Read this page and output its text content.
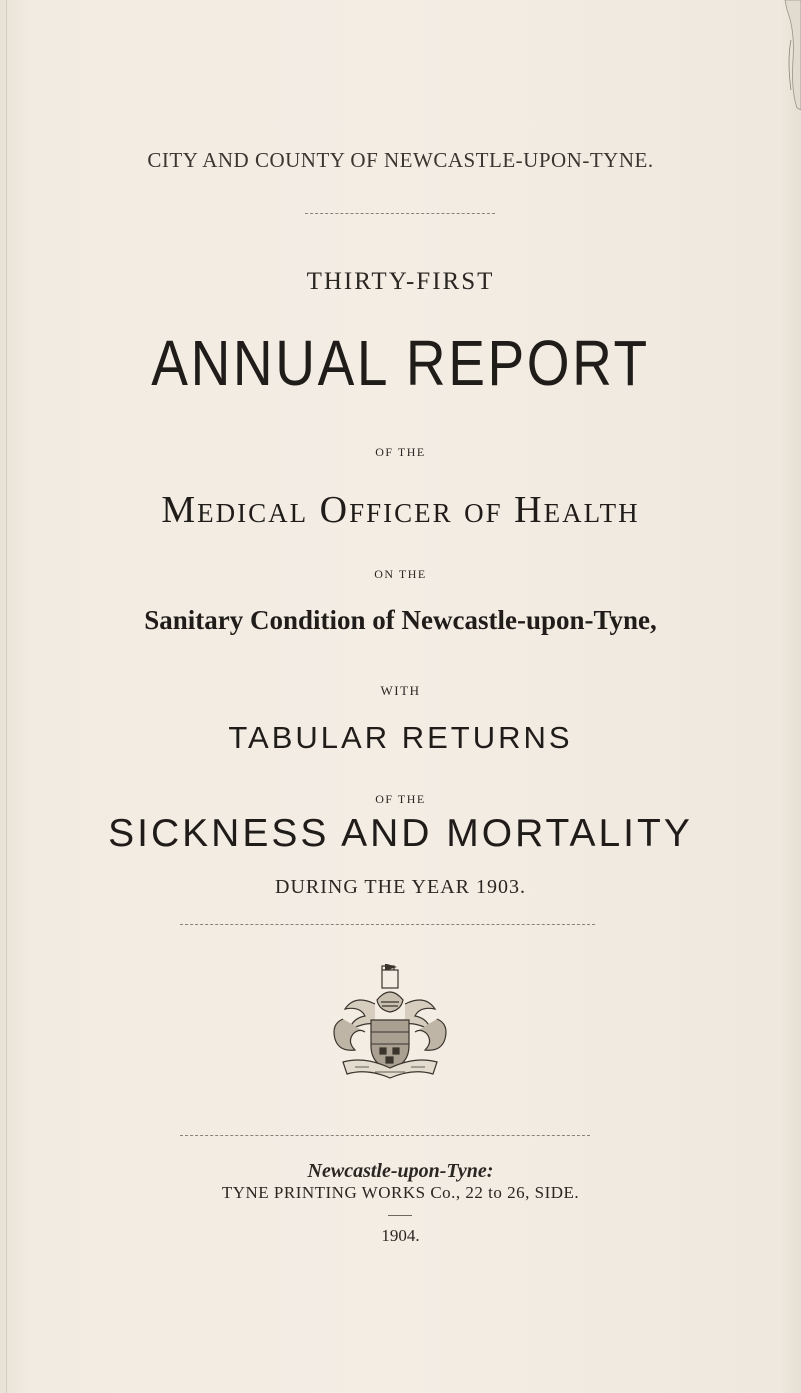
CITY AND COUNTY OF NEWCASTLE-UPON-TYNE.
THIRTY-FIRST
ANNUAL REPORT
OF THE
Medical Officer of Health
ON THE
Sanitary Condition of Newcastle-upon-Tyne,
WITH
TABULAR RETURNS
OF THE
SICKNESS AND MORTALITY
DURING THE YEAR 1903.
Newcastle-upon-Tyne:
TYNE PRINTING WORKS Co., 22 to 26, SIDE.
1904.
